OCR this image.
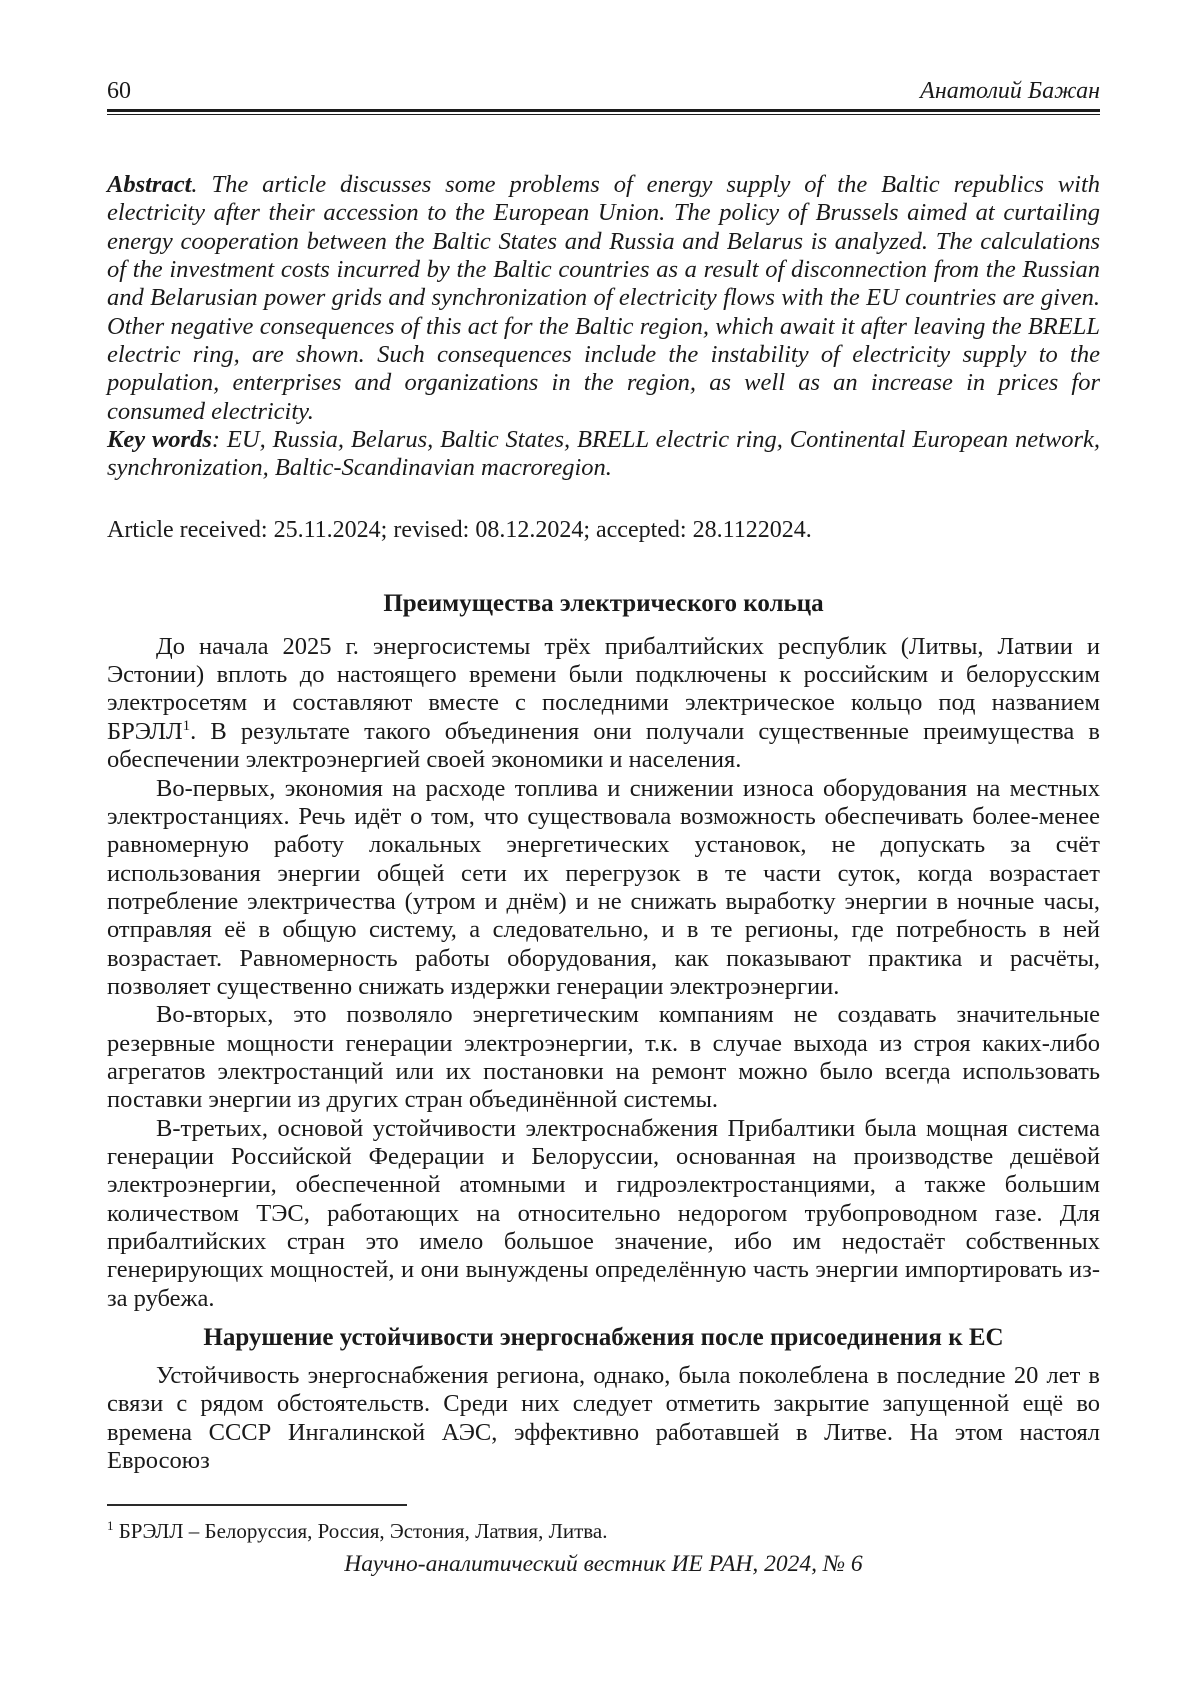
60	Анатолий Бажан

Abstract. The article discusses some problems of energy supply of the Baltic republics with electricity after their accession to the European Union. The policy of Brussels aimed at curtailing energy cooperation between the Baltic States and Russia and Belarus is analyzed. The calculations of the investment costs incurred by the Baltic countries as a result of disconnection from the Russian and Belarusian power grids and synchronization of electricity flows with the EU countries are given. Other negative consequences of this act for the Baltic region, which await it after leaving the BRELL electric ring, are shown. Such consequences include the instability of electricity supply to the population, enterprises and organizations in the region, as well as an increase in prices for consumed electricity.

Key words: EU, Russia, Belarus, Baltic States, BRELL electric ring, Continental European network, synchronization, Baltic-Scandinavian macroregion.

Article received: 25.11.2024; revised: 08.12.2024; accepted: 28.1122024.

Преимущества электрического кольца

До начала 2025 г. энергосистемы трёх прибалтийских республик (Литвы, Латвии и Эстонии) вплоть до настоящего времени были подключены к российским и белорусским электросетям и составляют вместе с последними электрическое кольцо под названием БРЭЛЛ$^1$. В результате такого объединения они получали существенные преимущества в обеспечении электроэнергией своей экономики и населения.

Во-первых, экономия на расходе топлива и снижении износа оборудования на местных электростанциях. Речь идёт о том, что существовала возможность обеспечивать более-менее равномерную работу локальных энергетических установок, не допускать за счёт использования энергии общей сети их перегрузок в те части суток, когда возрастает потребление электричества (утром и днём) и не снижать выработку энергии в ночные часы, отправляя её в общую систему, а следовательно, и в те регионы, где потребность в ней возрастает. Равномерность работы оборудования, как показывают практика и расчёты, позволяет существенно снижать издержки генерации электроэнергии.

Во-вторых, это позволяло энергетическим компаниям не создавать значительные резервные мощности генерации электроэнергии, т.к. в случае выхода из строя каких-либо агрегатов электростанций или их постановки на ремонт можно было всегда использовать поставки энергии из других стран объединённой системы.

В-третьих, основой устойчивости электроснабжения Прибалтики была мощная система генерации Российской Федерации и Белоруссии, основанная на производстве дешёвой электроэнергии, обеспеченной атомными и гидроэлектростанциями, а также большим количеством ТЭС, работающих на относительно недорогом трубопроводном газе. Для прибалтийских стран это имело большое значение, ибо им недостаёт собственных генерирующих мощностей, и они вынуждены определённую часть энергии импортировать из-за рубежа.

Нарушение устойчивости энергоснабжения после присоединения к ЕС

Устойчивость энергоснабжения региона, однако, была поколеблена в последние 20 лет в связи с рядом обстоятельств. Среди них следует отметить закрытие запущенной ещё во времена СССР Ингалинской АЭС, эффективно работавшей в Литве. На этом настоял Евросоюз

$^1$ БРЭЛЛ – Белоруссия, Россия, Эстония, Латвия, Литва.

Научно-аналитический вестник ИЕ РАН, 2024, № 6
